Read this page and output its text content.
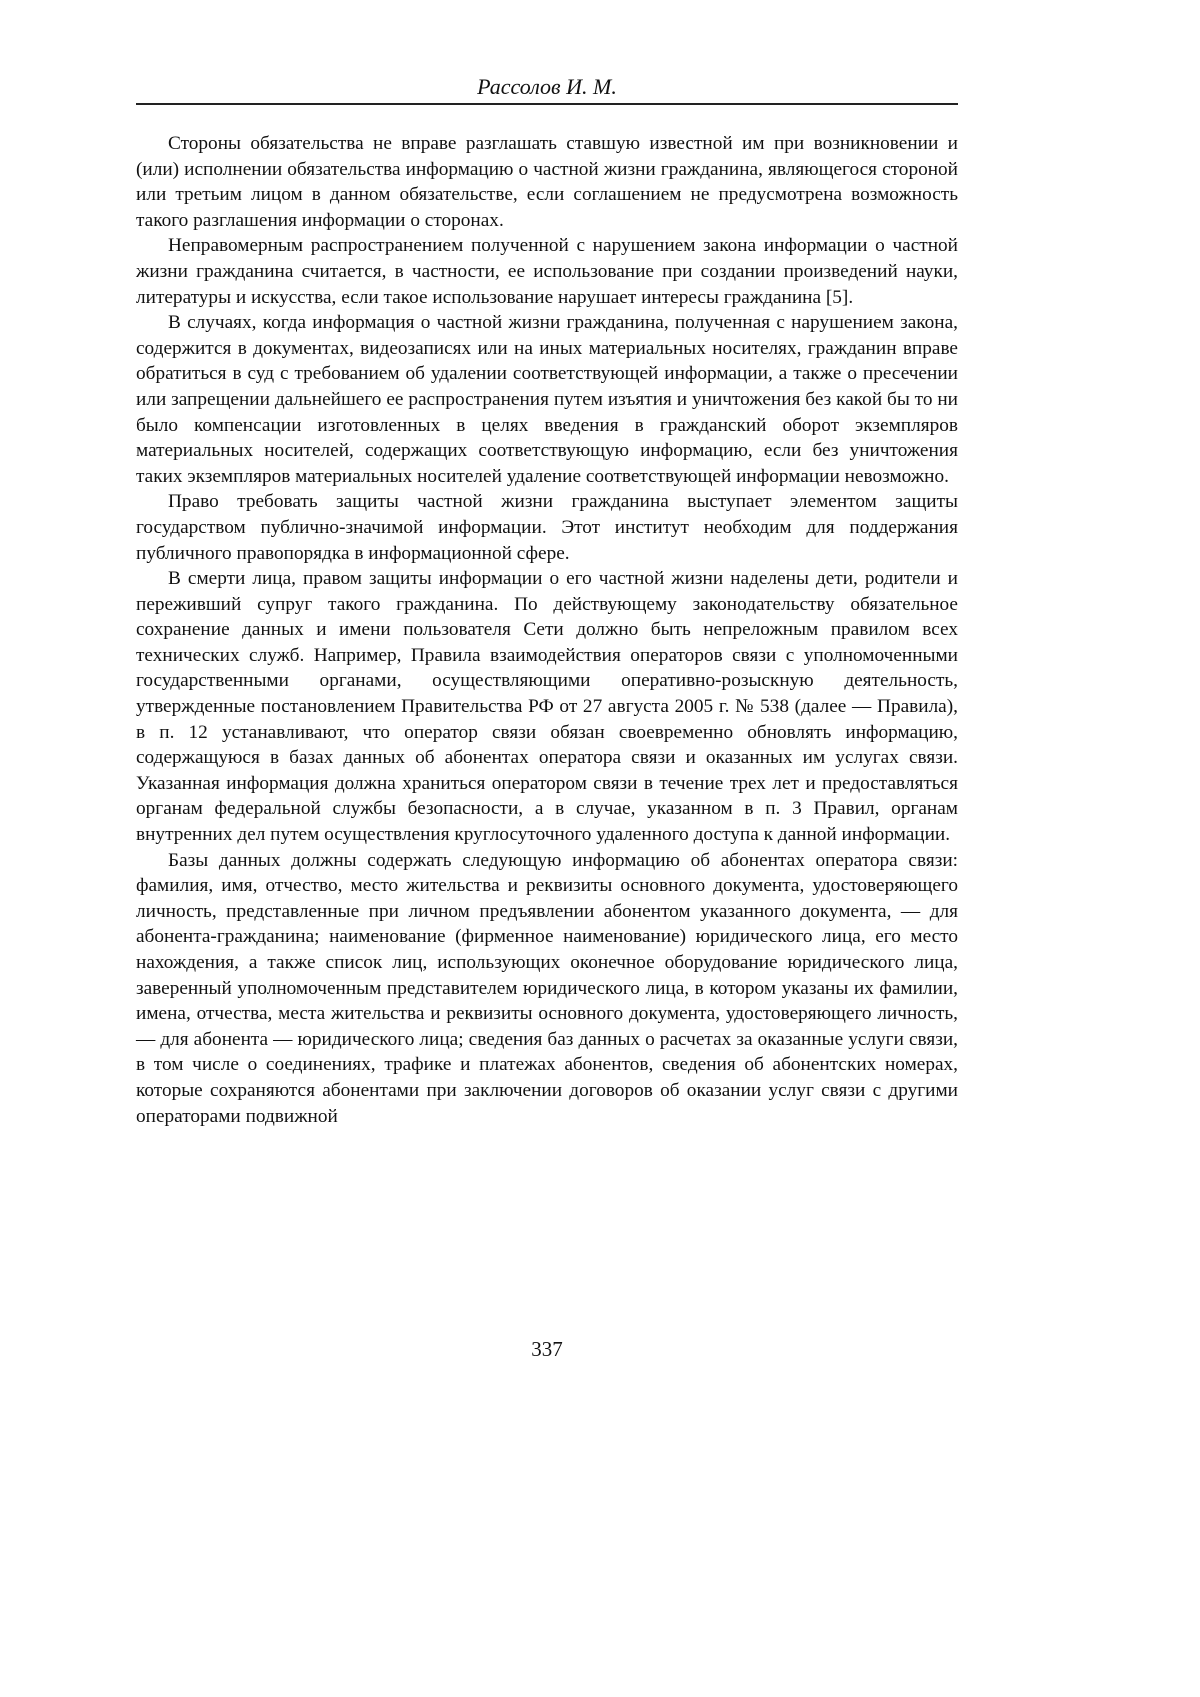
Рассолов И. М.

Стороны обязательства не вправе разглашать ставшую известной им при возникновении и (или) исполнении обязательства информацию о частной жизни гражданина, являющегося стороной или третьим лицом в данном обязательстве, если соглашением не предусмотрена возможность такого разглашения информации о сторонах.

Неправомерным распространением полученной с нарушением закона информации о частной жизни гражданина считается, в частности, ее использование при создании произведений науки, литературы и искусства, если такое использование нарушает интересы гражданина [5].

В случаях, когда информация о частной жизни гражданина, полученная с нарушением закона, содержится в документах, видеозаписях или на иных материальных носителях, гражданин вправе обратиться в суд с требованием об удалении соответствующей информации, а также о пресечении или запрещении дальнейшего ее распространения путем изъятия и уничтожения без какой бы то ни было компенсации изготовленных в целях введения в гражданский оборот экземпляров материальных носителей, содержащих соответствующую информацию, если без уничтожения таких экземпляров материальных носителей удаление соответствующей информации невозможно.

Право требовать защиты частной жизни гражданина выступает элементом защиты государством публично-значимой информации. Этот институт необходим для поддержания публичного правопорядка в информационной сфере.

В смерти лица, правом защиты информации о его частной жизни наделены дети, родители и переживший супруг такого гражданина. По действующему законодательству обязательное сохранение данных и имени пользователя Сети должно быть непреложным правилом всех технических служб. Например, Правила взаимодействия операторов связи с уполномоченными государственными органами, осуществляющими оперативно-розыскную деятельность, утвержденные постановлением Правительства РФ от 27 августа 2005 г. № 538 (далее — Правила), в п. 12 устанавливают, что оператор связи обязан своевременно обновлять информацию, содержащуюся в базах данных об абонентах оператора связи и оказанных им услугах связи. Указанная информация должна храниться оператором связи в течение трех лет и предоставляться органам федеральной службы безопасности, а в случае, указанном в п. 3 Правил, органам внутренних дел путем осуществления круглосуточного удаленного доступа к данной информации.

Базы данных должны содержать следующую информацию об абонентах оператора связи: фамилия, имя, отчество, место жительства и реквизиты основного документа, удостоверяющего личность, представленные при личном предъявлении абонентом указанного документа, — для абонента-гражданина; наименование (фирменное наименование) юридического лица, его место нахождения, а также список лиц, использующих оконечное оборудование юридического лица, заверенный уполномоченным представителем юридического лица, в котором указаны их фамилии, имена, отчества, места жительства и реквизиты основного документа, удостоверяющего личность, — для абонента — юридического лица; сведения баз данных о расчетах за оказанные услуги связи, в том числе о соединениях, трафике и платежах абонентов, сведения об абонентских номерах, которые сохраняются абонентами при заключении договоров об оказании услуг связи с другими операторами подвижной

337
